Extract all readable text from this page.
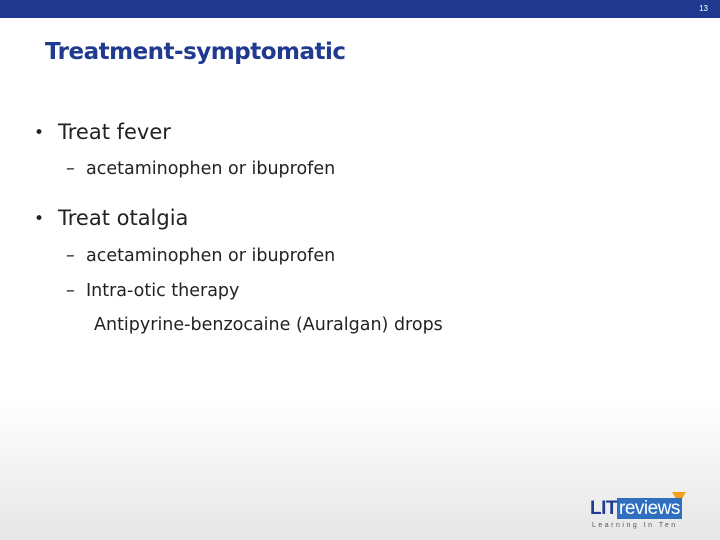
13
Treatment-symptomatic
• Treat fever
– acetaminophen or ibuprofen
• Treat otalgia
– acetaminophen or ibuprofen
– Intra-otic therapy
Antipyrine-benzocaine (Auralgan) drops
LIT reviews
Learning In Ten
